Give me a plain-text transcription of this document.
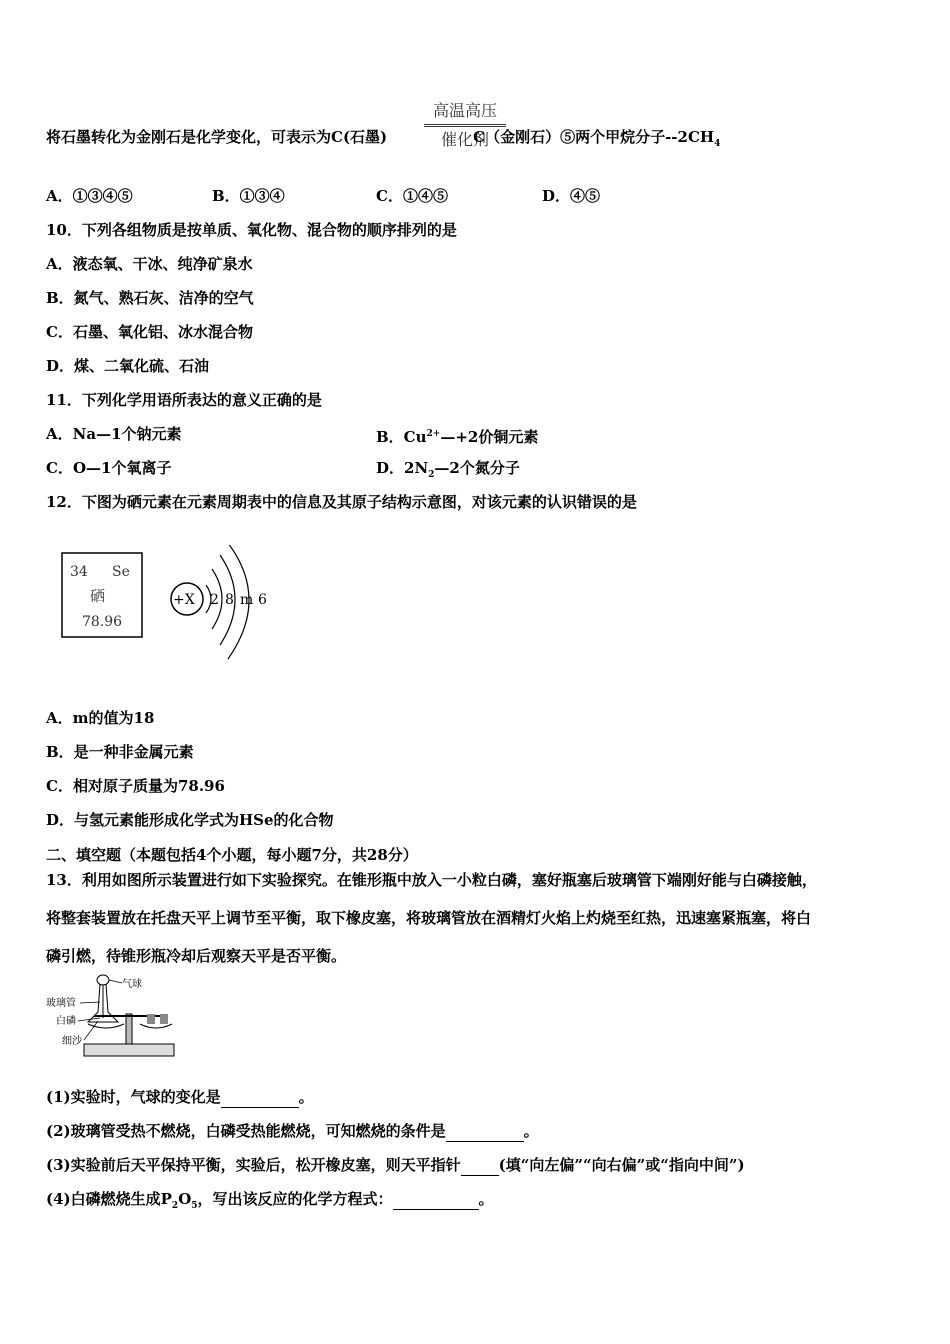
高温高压
催化剂
将石墨转化为金刚石是化学变化，可表示为C(石墨)	C（金刚石）⑤两个甲烷分子$--2CH_4$
A．①③④⑤	B．①③④	C．①④⑤	D．④⑤
10．下列各组物质是按单质、氧化物、混合物的顺序排列的是
A．液态氧、干冰、纯净矿泉水
B．氮气、熟石灰、洁净的空气
C．石墨、氧化铝、冰水混合物
D．煤、二氧化硫、石油
11．下列化学用语所表达的意义正确的是
A．Na—1个钠元素	B．$Cu^{2+}—+2$价铜元素
C．O—1个氧离子	D．$2N_2—2$个氮分子
12．下图为硒元素在元素周期表中的信息及其原子结构示意图，对该元素的认识错误的是
34 Se
硒
78.96
+X 2 8 m 6
A．m的值为18
B．是一种非金属元素
C．相对原子质量为78.96
D．与氢元素能形成化学式为HSe的化合物
二、填空题（本题包括4个小题，每小题7分，共28分）
13．利用如图所示装置进行如下实验探究。在锥形瓶中放入一小粒白磷，塞好瓶塞后玻璃管下端刚好能与白磷接触，
将整套装置放在托盘天平上调节至平衡，取下橡皮塞，将玻璃管放在酒精灯火焰上灼烧至红热，迅速塞紧瓶塞，将白
磷引燃，待锥形瓶冷却后观察天平是否平衡。
气球
玻璃管
白磷
细沙
(1)实验时，气球的变化是	。
(2)玻璃管受热不燃烧，白磷受热能燃烧，可知燃烧的条件是	。
(3)实验前后天平保持平衡，实验后，松开橡皮塞，则天平指针	(填“向左偏”“向右偏”或“指向中间”)
(4)白磷燃烧生成$P_2O_5$，写出该反应的化学方程式：	。
